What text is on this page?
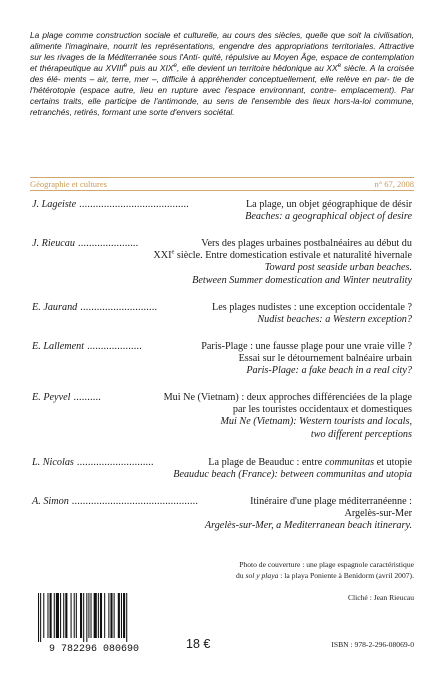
La plage comme construction sociale et culturelle, au cours des siècles, quelle que soit la civilisation, alimente l'imaginaire, nourrit les représentations, engendre des appropriations territoriales. Attractive sur les rivages de la Méditerranée sous l'Anti- quité, répulsive au Moyen Âge, espace de contemplation et thérapeutique au XVIIIe puis au XIXe, elle devient un territoire hédonique au XXe siècle. A la croisée des élé- ments – air, terre, mer –, difficile à appréhender conceptuellement, elle relève en par- tie de l'hétérotopie (espace autre, lieu en rupture avec l'espace environnant, contre- emplacement). Par certains traits, elle participe de l'antimonde, au sens de l'ensemble des lieux hors-la-loi commune, retranchés, retirés, formant une sorte d'envers sociétal.

Géographie et cultures	n° 67, 2008
J. Lageiste ........................................	La plage, un objet géographique de désir
Beaches: a geographical object of desire
J. Rieucau ......................	Vers des plages urbaines postbalnéaires au début du
XXIe siècle. Entre domestication estivale et naturalité hivernale
Toward post seaside urban beaches.
Between Summer domestication and Winter neutrality
E. Jaurand ............................	Les plages nudistes : une exception occidentale ?
Nudist beaches: a Western exception?
E. Lallement ....................	Paris-Plage : une fausse plage pour une vraie ville ?
Essai sur le détournement balnéaire urbain
Paris-Plage: a fake beach in a real city?
E. Peyvel ..........	Mui Ne (Vietnam) : deux approches différenciées de la plage
par les touristes occidentaux et domestiques
Mui Ne (Vietnam): Western tourists and locals,
two different perceptions
L. Nicolas ............................	La plage de Beauduc : entre communitas et utopie
Beauduc beach (France): between communitas and utopia
A. Simon ..............................................	Itinéraire d'une plage méditerranéenne :
Argelès-sur-Mer
Argelès-sur-Mer, a Mediterranean beach itinerary.
Photo de couverture : une plage espagnole caractéristique
du sol y playa : la playa Poniente à Benidorm (avril 2007).
Cliché : Jean Rieucau
9 782296 080690	18 €	ISBN : 978-2-296-08069-0
